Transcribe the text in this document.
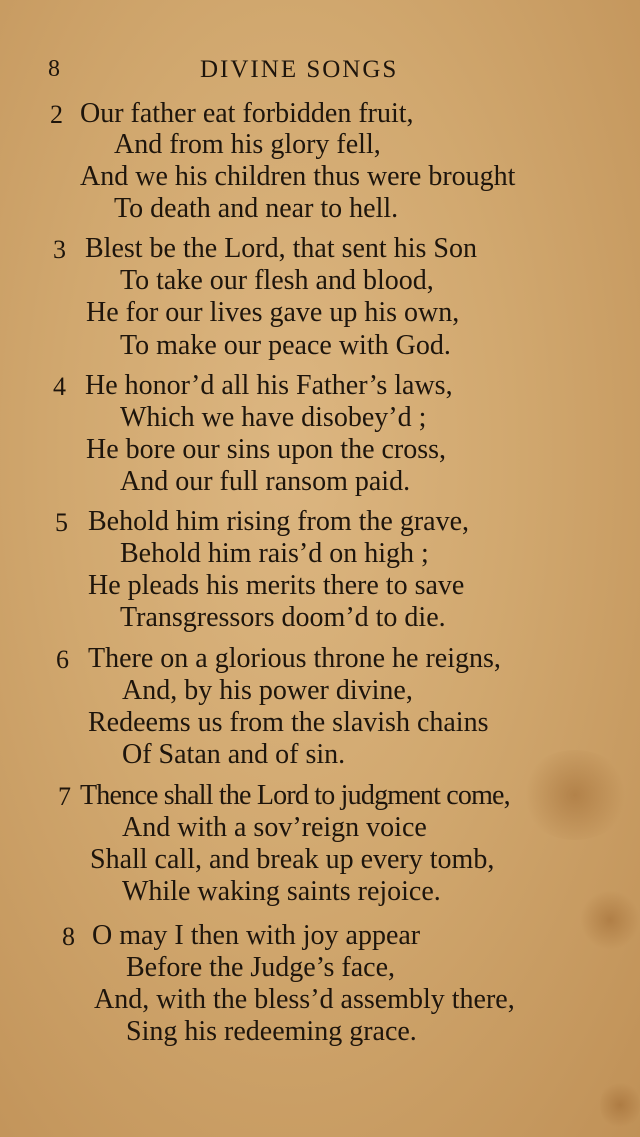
8	DIVINE SONGS
2 Our father eat forbidden fruit,
And from his glory fell,
And we his children thus were brought
To death and near to hell.
3 Blest be the Lord, that sent his Son
To take our flesh and blood,
He for our lives gave up his own,
To make our peace with God.
4 He honor’d all his Father’s laws,
Which we have disobey’d ;
He bore our sins upon the cross,
And our full ransom paid.
5 Behold him rising from the grave,
Behold him rais’d on high ;
He pleads his merits there to save
Transgressors doom’d to die.
6 There on a glorious throne he reigns,
And, by his power divine,
Redeems us from the slavish chains
Of Satan and of sin.
7 Thence shall the Lord to judgment come,
And with a sov’reign voice
Shall call, and break up every tomb,
While waking saints rejoice.
8 O may I then with joy appear
Before the Judge’s face,
And, with the bless’d assembly there,
Sing his redeeming grace.
